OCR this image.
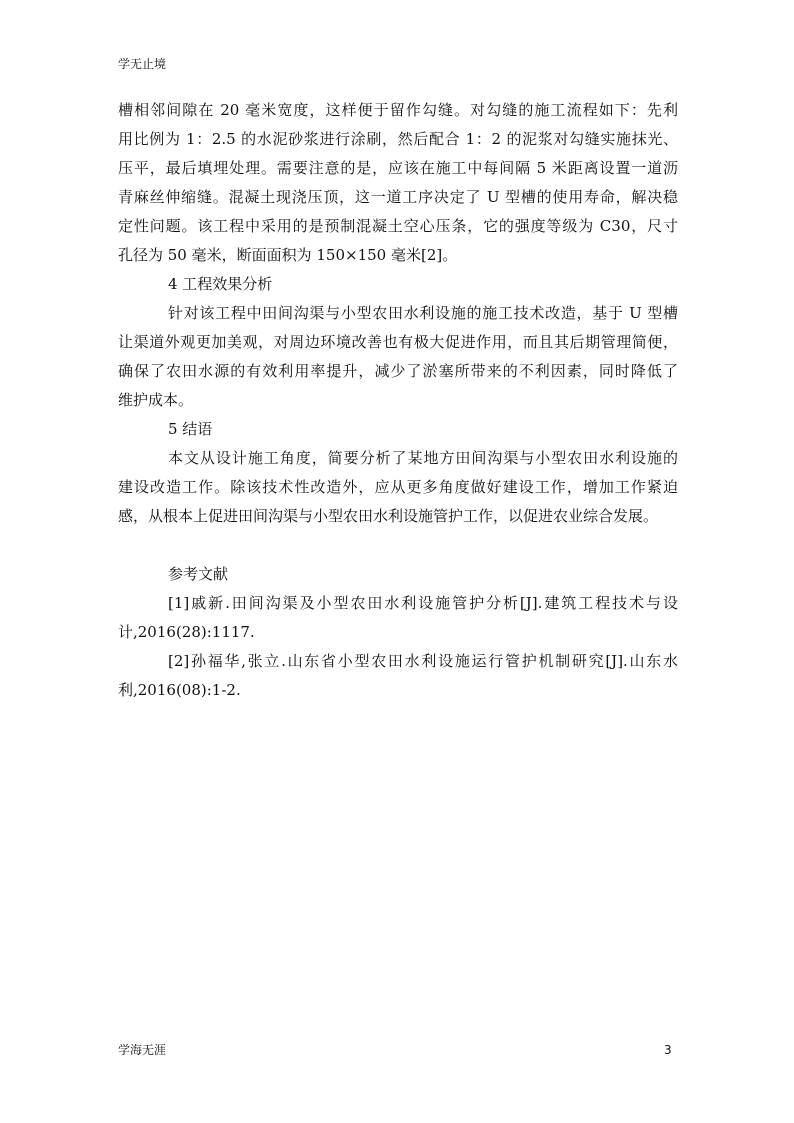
学无止境
槽相邻间隙在 20 毫米宽度，这样便于留作勾缝。对勾缝的施工流程如下：先利
用比例为 1：2.5 的水泥砂浆进行涂刷，然后配合 1：2 的泥浆对勾缝实施抹光、
压平，最后填埋处理。需要注意的是，应该在施工中每间隔 5 米距离设置一道沥
青麻丝伸缩缝。混凝土现浇压顶，这一道工序决定了 U 型槽的使用寿命，解决稳
定性问题。该工程中采用的是预制混凝土空心压条，它的强度等级为 C30，尺寸
孔径为 50 毫米，断面面积为 150×150 毫米[2]。
4 工程效果分析
针对该工程中田间沟渠与小型农田水利设施的施工技术改造，基于 U 型槽
让渠道外观更加美观，对周边环境改善也有极大促进作用，而且其后期管理简便，
确保了农田水源的有效利用率提升，减少了淤塞所带来的不利因素，同时降低了
维护成本。
5 结语
本文从设计施工角度，简要分析了某地方田间沟渠与小型农田水利设施的
建设改造工作。除该技术性改造外，应从更多角度做好建设工作，增加工作紧迫
感，从根本上促进田间沟渠与小型农田水利设施管护工作，以促进农业综合发展。
参考文献
[1]戚新.田间沟渠及小型农田水利设施管护分析[J].建筑工程技术与设
计,2016(28):1117.
[2]孙福华,张立.山东省小型农田水利设施运行管护机制研究[J].山东水
利,2016(08):1-2.
学海无涯	3
